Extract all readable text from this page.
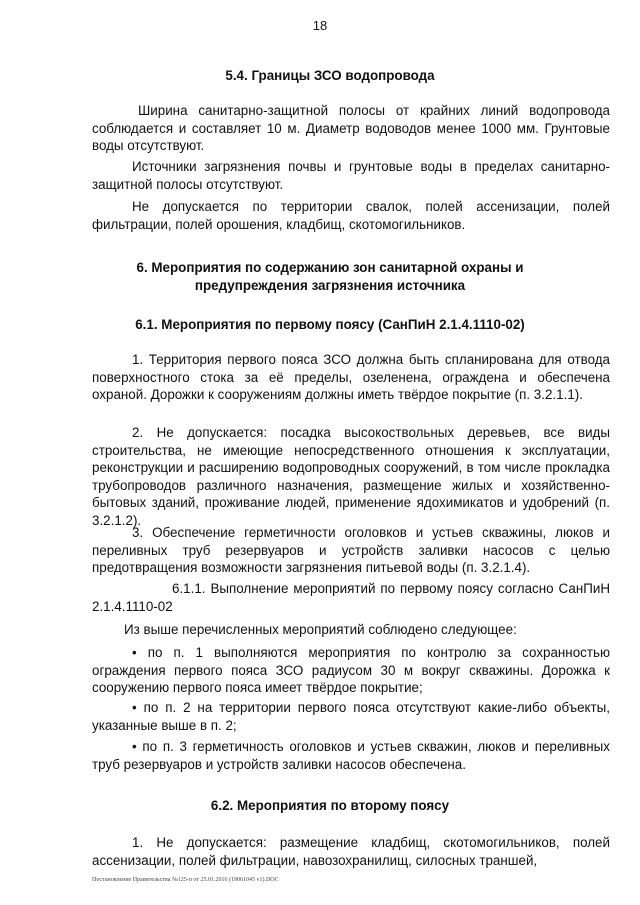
18
5.4. Границы ЗСО водопровода

Ширина санитарно-защитной полосы от крайних линий водопровода соблюдается и составляет 10 м. Диаметр водоводов менее 1000 мм. Грунтовые воды отсутствуют.

Источники загрязнения почвы и грунтовые воды в пределах санитарно-защитной полосы отсутствуют.

Не допускается по территории свалок, полей ассенизации, полей фильтрации, полей орошения, кладбищ, скотомогильников.

6. Мероприятия по содержанию зон санитарной охраны и
предупреждения загрязнения источника
6.1. Мероприятия по первому поясу (СанПиН 2.1.4.1110-02)

1. Территория первого пояса ЗСО должна быть спланирована для отвода поверхностного стока за её пределы, озеленена, ограждена и обеспечена охраной. Дорожки к сооружениям должны иметь твёрдое покрытие (п. 3.2.1.1).

2. Не допускается: посадка высокоствольных деревьев, все виды строительства, не имеющие непосредственного отношения к эксплуатации, реконструкции и расширению водопроводных сооружений, в том числе прокладка трубопроводов различного назначения, размещение жилых и хозяйственно-бытовых зданий, проживание людей, применение ядохимикатов и удобрений (п. 3.2.1.2).

3. Обеспечение герметичности оголовков и устьев скважины, люков и переливных труб резервуаров и устройств заливки насосов с целью предотвращения возможности загрязнения питьевой воды (п. 3.2.1.4).

6.1.1. Выполнение мероприятий по первому поясу согласно СанПиН 2.1.4.1110-02

Из выше перечисленных мероприятий соблюдено следующее:

• по п. 1 выполняются мероприятия по контролю за сохранностью ограждения первого пояса ЗСО радиусом 30 м вокруг скважины. Дорожка к сооружению первого пояса имеет твёрдое покрытие;

• по п. 2 на территории первого пояса отсутствуют какие-либо объекты, указанные выше в п. 2;

• по п. 3 герметичность оголовков и устьев скважин, люков и переливных труб резервуаров и устройств заливки насосов обеспечена.

6.2. Мероприятия по второму поясу

1. Не допускается: размещение кладбищ, скотомогильников, полей ассенизации, полей фильтрации, навозохранилищ, силосных траншей,

Постановление Правительства №125-п от 25.01.2016 (19061045 v1).DOC
